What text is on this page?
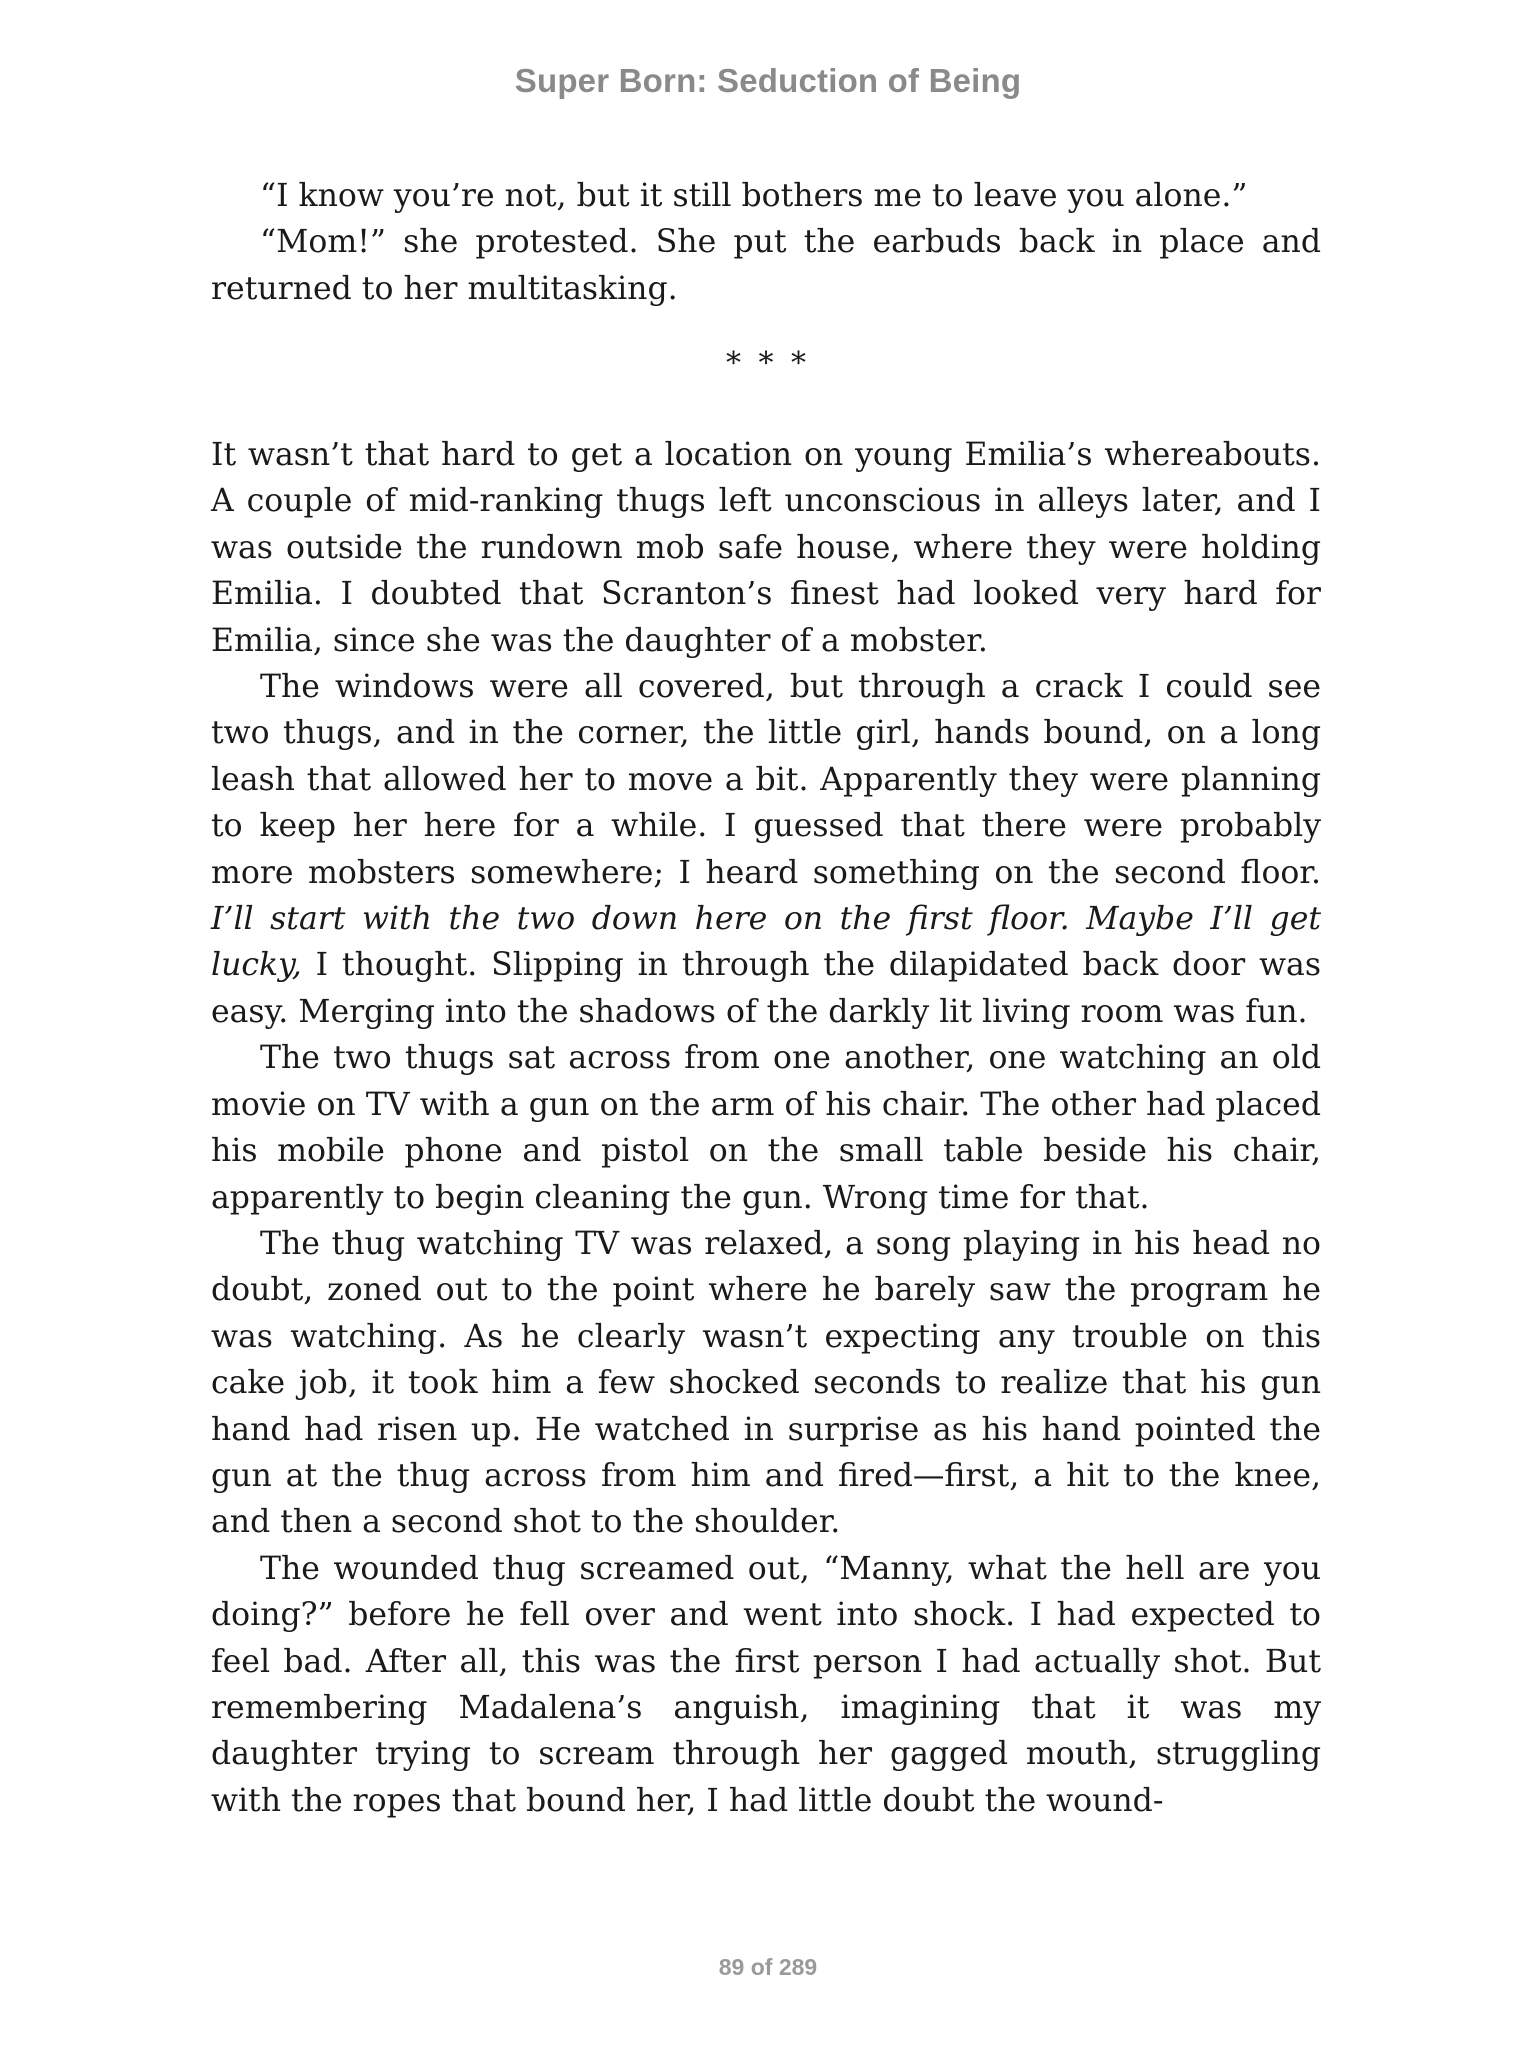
Super Born: Seduction of Being

“I know you’re not, but it still bothers me to leave you alone.”

“Mom!” she protested. She put the earbuds back in place and returned to her multitasking.

* * *

It wasn’t that hard to get a location on young Emilia’s whereabouts. A couple of mid-ranking thugs left unconscious in alleys later, and I was outside the rundown mob safe house, where they were holding Emilia. I doubted that Scranton’s finest had looked very hard for Emilia, since she was the daughter of a mobster.

The windows were all covered, but through a crack I could see two thugs, and in the corner, the little girl, hands bound, on a long leash that allowed her to move a bit. Apparently they were planning to keep her here for a while. I guessed that there were probably more mobsters somewhere; I heard something on the second floor. I’ll start with the two down here on the first floor. Maybe I’ll get lucky, I thought. Slipping in through the dilapidated back door was easy. Merging into the shadows of the darkly lit living room was fun.

The two thugs sat across from one another, one watching an old movie on TV with a gun on the arm of his chair. The other had placed his mobile phone and pistol on the small table beside his chair, apparently to begin cleaning the gun. Wrong time for that.

The thug watching TV was relaxed, a song playing in his head no doubt, zoned out to the point where he barely saw the program he was watching. As he clearly wasn’t expecting any trouble on this cake job, it took him a few shocked seconds to realize that his gun hand had risen up. He watched in surprise as his hand pointed the gun at the thug across from him and fired—first, a hit to the knee, and then a second shot to the shoulder.

The wounded thug screamed out, “Manny, what the hell are you doing?” before he fell over and went into shock. I had expected to feel bad. After all, this was the first person I had actually shot. But remembering Madalena’s anguish, imagining that it was my daughter trying to scream through her gagged mouth, struggling with the ropes that bound her, I had little doubt the wound-

89 of 289
